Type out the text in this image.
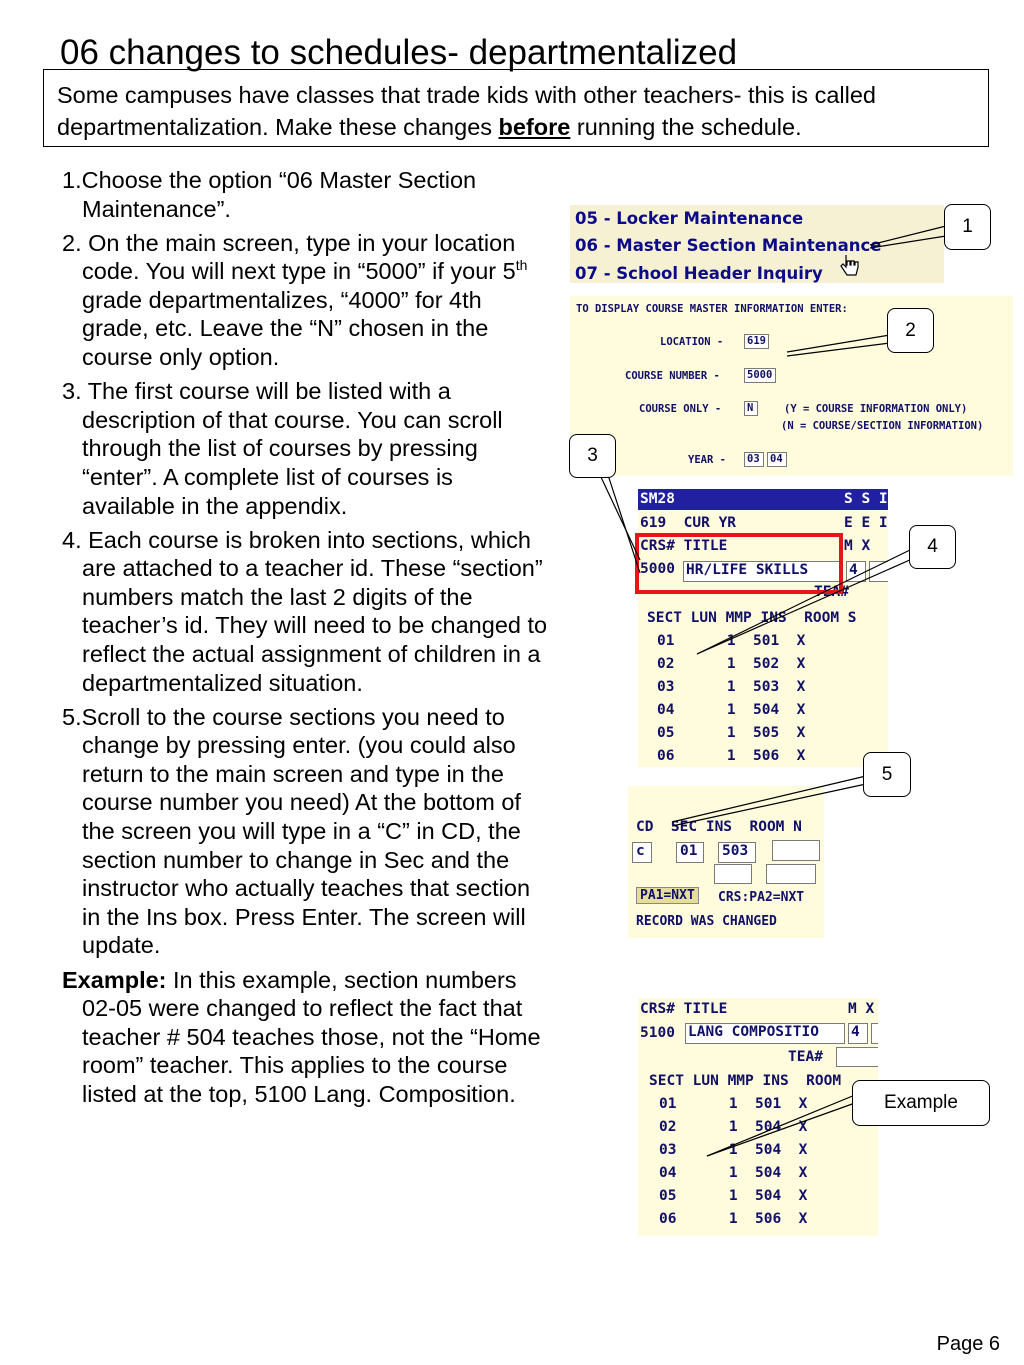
06 changes to schedules- departmentalized
Some campuses have classes that trade kids with other teachers- this is called departmentalization. Make these changes before running the schedule.

1.Choose the option “06 Master Section Maintenance”.

2. On the main screen, type in your location code. You will next type in “5000” if your 5th grade departmentalizes, “4000” for 4th grade, etc. Leave the “N” chosen in the course only option.

3. The first course will be listed with a description of that course. You can scroll through the list of courses by pressing “enter”. A complete list of courses is available in the appendix.

4. Each course is broken into sections, which are attached to a teacher id. These “section” numbers match the last 2 digits of the teacher’s id. They will need to be changed to reflect the actual assignment of children in a departmentalized situation.

5.Scroll to the course sections you need to change by pressing enter. (you could also return to the main screen and type in the course number you need) At the bottom of the screen you will type in a “C” in CD, the section number to change in Sec and the instructor who actually teaches that section in the Ins box. Press Enter. The screen will update.

Example: In this example, section numbers 02-05 were changed to reflect the fact that teacher # 504 teaches those, not the “Home room” teacher. This applies to the course listed at the top, 5100 Lang. Composition.

05 - Locker Maintenance
06 - Master Section Maintenance
07 - School Header Inquiry
TO DISPLAY COURSE MASTER INFORMATION ENTER:
LOCATION - 619
COURSE NUMBER -	5000
COURSE ONLY - N	(Y = COURSE INFORMATION ONLY)
(N = COURSE/SECTION INFORMATION)
YEAR - 03 04
SM28	S S I
619  CUR YR	E E I
CRS# TITLE	M X
5000 HR/LIFE SKILLS	4
TEA#
SECT LUN MMP INS  ROOM S
01      1  501  X
02      1  502  X
03      1  503  X
04      1  504  X
05      1  505  X
06      1  506  X
CD  SEC INS  ROOM N
c	01	503
PA1=NXT	CRS:PA2=NXT
RECORD WAS CHANGED
CRS# TITLE	M X
5100 LANG COMPOSITIO	4
TEA#
SECT LUN MMP INS  ROOM
01      1  501  X
02      1  504  X
03      1  504  X
04      1  504  X
05      1  504  X
06      1  506  X
1
2
3
4
5
Example
Page 6
